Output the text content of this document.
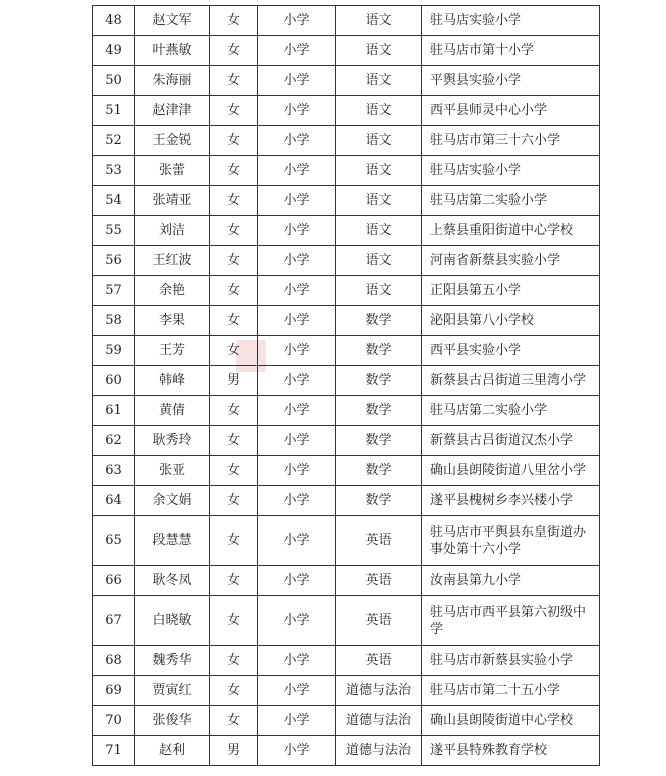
48	赵文军	女	小学	语文	驻马店实验小学
49	叶燕敏	女	小学	语文	驻马店市第十小学
50	朱海丽	女	小学	语文	平舆县实验小学
51	赵津津	女	小学	语文	西平县师灵中心小学
52	王金锐	女	小学	语文	驻马店市第三十六小学
53	张蕾	女	小学	语文	驻马店实验小学
54	张靖亚	女	小学	语文	驻马店第二实验小学
55	刘洁	女	小学	语文	上蔡县重阳街道中心学校
56	王红波	女	小学	语文	河南省新蔡县实验小学
57	余艳	女	小学	语文	正阳县第五小学
58	李果	女	小学	数学	泌阳县第八小学校
59	王芳	女	小学	数学	西平县实验小学
60	韩峰	男	小学	数学	新蔡县古吕街道三里湾小学
61	黄倩	女	小学	数学	驻马店第二实验小学
62	耿秀玲	女	小学	数学	新蔡县古吕街道汉杰小学
63	张亚	女	小学	数学	确山县朗陵街道八里岔小学
64	余文娟	女	小学	数学	遂平县槐树乡李兴楼小学
65	段慧慧	女	小学	英语	驻马店市平舆县东皇街道办事处第十六小学
66	耿冬凤	女	小学	英语	汝南县第九小学
67	白晓敏	女	小学	英语	驻马店市西平县第六初级中学
68	魏秀华	女	小学	英语	驻马店市新蔡县实验小学
69	贾寅红	女	小学	道德与法治	驻马店市第二十五小学
70	张俊华	女	小学	道德与法治	确山县朗陵街道中心学校
71	赵利	男	小学	道德与法治	遂平县特殊教育学校
